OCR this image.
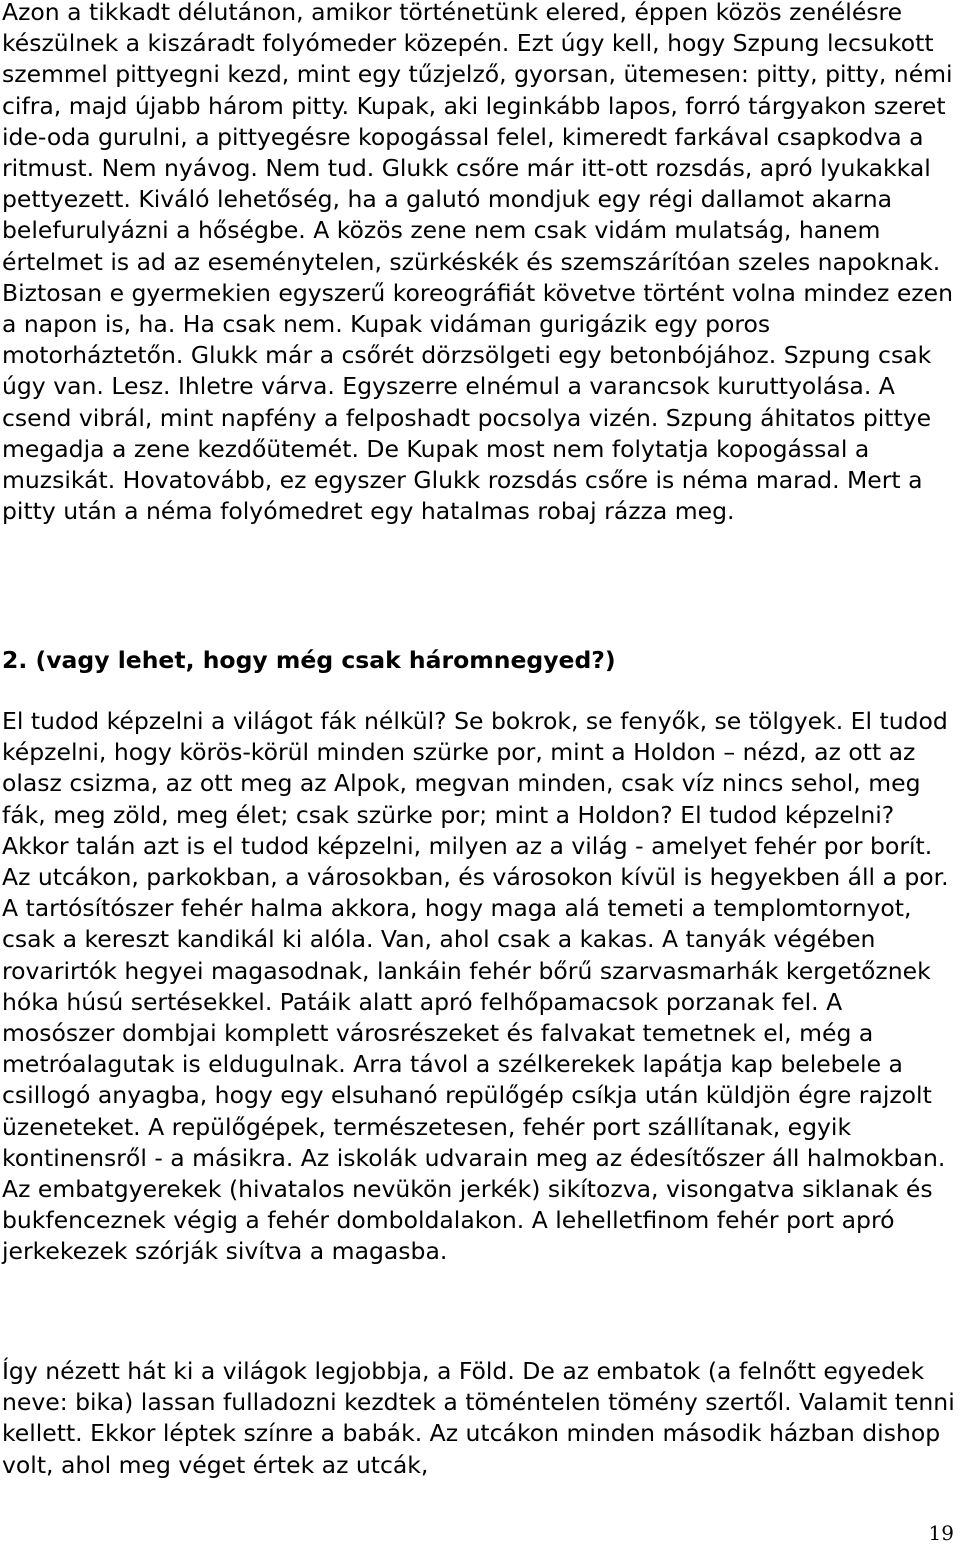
Azon a tikkadt délutánon, amikor történetünk elered, éppen közös zenélésre készülnek a kiszáradt folyómeder közepén. Ezt úgy kell, hogy Szpung lecsukott szemmel pittyegni kezd, mint egy tűzjelző, gyorsan, ütemesen: pitty, pitty, némi cifra, majd újabb három pitty. Kupak, aki leginkább lapos, forró tárgyakon szeret ide-oda gurulni, a pittyegésre kopogással felel, kimeredt farkával csapkodva a ritmust. Nem nyávog. Nem tud. Glukk csőre már itt-ott rozsdás, apró lyukakkal pettyezett. Kiváló lehetőség, ha a galutó mondjuk egy régi dallamot akarna belefurulyázni a hőségbe. A közös zene nem csak vidám mulatság, hanem értelmet is ad az eseménytelen, szürkéskék és szemszárítóan szeles napoknak. Biztosan e gyermekien egyszerű koreográfiát követve történt volna mindez ezen a napon is, ha. Ha csak nem. Kupak vidáman gurigázik egy poros motorháztetőn. Glukk már a csőrét dörzsölgeti egy betonbójához. Szpung csak úgy van. Lesz. Ihletre várva. Egyszerre elnémul a varancsok kuruttyolása. A csend vibrál, mint napfény a felposhadt pocsolya vizén. Szpung áhitatos pittye megadja a zene kezdőütemét. De Kupak most nem folytatja kopogással a muzsikát. Hovatovább, ez egyszer Glukk rozsdás csőre is néma marad. Mert a pitty után a néma folyómedret egy hatalmas robaj rázza meg.

2. (vagy lehet, hogy még csak háromnegyed?)

El tudod képzelni a világot fák nélkül? Se bokrok, se fenyők, se tölgyek. El tudod képzelni, hogy körös-körül minden szürke por, mint a Holdon – nézd, az ott az olasz csizma, az ott meg az Alpok, megvan minden, csak víz nincs sehol, meg fák, meg zöld, meg élet; csak szürke por; mint a Holdon? El tudod képzelni? Akkor talán azt is el tudod képzelni, milyen az a világ - amelyet fehér por borít. Az utcákon, parkokban, a városokban, és városokon kívül is hegyekben áll a por. A tartósítószer fehér halma akkora, hogy maga alá temeti a templomtornyot, csak a kereszt kandikál ki alóla. Van, ahol csak a kakas. A tanyák végében rovarirtók hegyei magasodnak, lankáin fehér bőrű szarvasmarhák kergetőznek hóka húsú sertésekkel. Patáik alatt apró felhőpamacsok porzanak fel. A mosószer dombjai komplett városrészeket és falvakat temetnek el, még a metróalagutak is eldugulnak. Arra távol a szélkerekek lapátja kap belebele a csillogó anyagba, hogy egy elsuhanó repülőgép csíkja után küldjön égre rajzolt üzeneteket. A repülőgépek, természetesen, fehér port szállítanak, egyik kontinensről - a másikra. Az iskolák udvarain meg az édesítőszer áll halmokban. Az embatgyerekek (hivatalos nevükön jerkék) sikítozva, visongatva siklanak és bukfenceznek végig a fehér domboldalakon. A lehelletfinom fehér port apró jerkekezek szórják sivítva a magasba.

Így nézett hát ki a világok legjobbja, a Föld. De az embatok (a felnőtt egyedek neve: bika) lassan fulladozni kezdtek a töméntelen tömény szertől. Valamit tenni kellett. Ekkor léptek színre a babák. Az utcákon minden második házban dishop volt, ahol meg véget értek az utcák,

19
